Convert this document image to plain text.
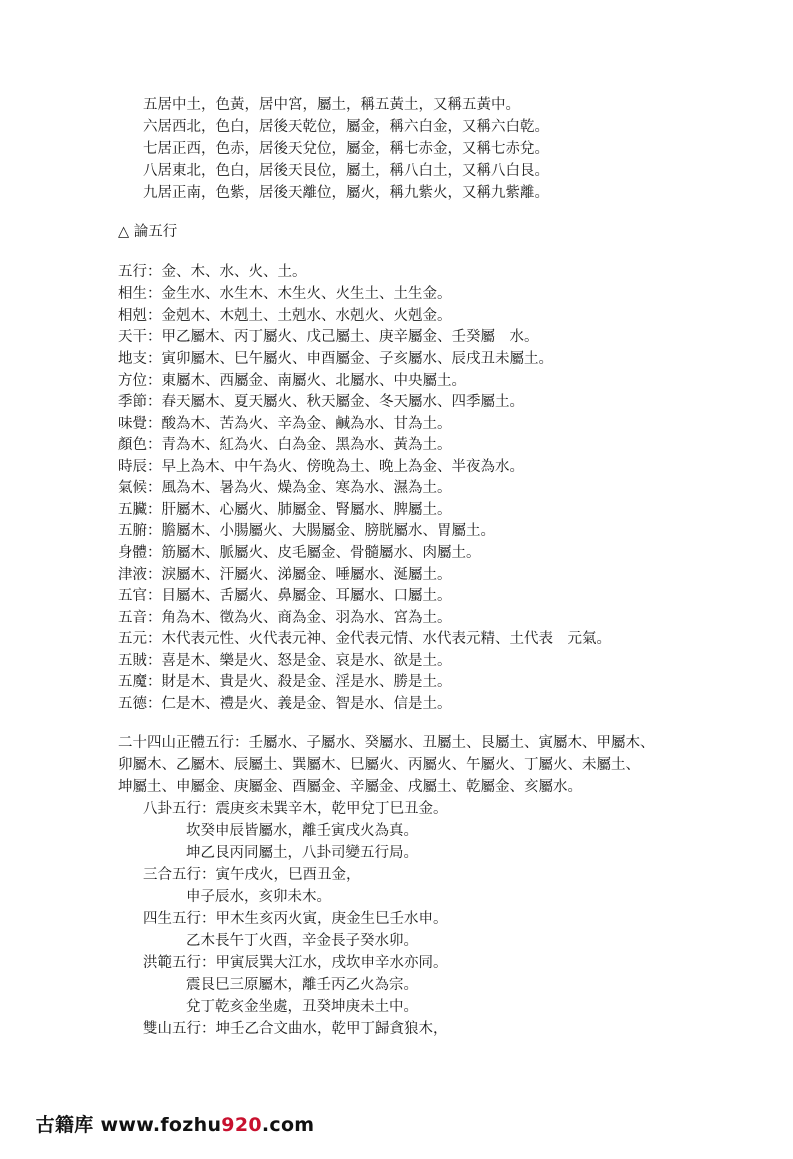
五居中土，色黃，居中宮，屬土，稱五黃土，又稱五黃中。

六居西北，色白，居後天乾位，屬金，稱六白金，又稱六白乾。

七居正西，色赤，居後天兌位，屬金，稱七赤金，又稱七赤兌。

八居東北，色白，居後天艮位，屬土，稱八白土，又稱八白艮。

九居正南，色紫，居後天離位，屬火，稱九紫火，又稱九紫離。

△ 論五行

五行：金、木、水、火、土。

相生：金生水、水生木、木生火、火生土、土生金。

相剋：金剋木、木剋土、土剋水、水剋火、火剋金。

天干：甲乙屬木、丙丁屬火、戊己屬土、庚辛屬金、壬癸屬　水。

地支：寅卯屬木、巳午屬火、申酉屬金、子亥屬水、辰戌丑未屬土。

方位：東屬木、西屬金、南屬火、北屬水、中央屬土。

季節：春天屬木、夏天屬火、秋天屬金、冬天屬水、四季屬土。

味覺：酸為木、苦為火、辛為金、鹹為水、甘為土。

顏色：青為木、紅為火、白為金、黑為水、黃為土。

時辰：早上為木、中午為火、傍晚為土、晚上為金、半夜為水。

氣候：風為木、暑為火、燥為金、寒為水、濕為土。

五臟：肝屬木、心屬火、肺屬金、腎屬水、脾屬土。

五腑：膽屬木、小腸屬火、大腸屬金、膀胱屬水、胃屬土。

身體：筋屬木、脈屬火、皮毛屬金、骨髓屬水、肉屬土。

津液：淚屬木、汗屬火、涕屬金、唾屬水、涎屬土。

五官：目屬木、舌屬火、鼻屬金、耳屬水、口屬土。

五音：角為木、徵為火、商為金、羽為水、宮為土。

五元：木代表元性、火代表元神、金代表元情、水代表元精、土代表　元氣。

五賊：喜是木、樂是火、怒是金、哀是水、欲是土。

五魔：財是木、貴是火、殺是金、淫是水、勝是土。

五德：仁是木、禮是火、義是金、智是水、信是土。

二十四山正體五行：壬屬水、子屬水、癸屬水、丑屬土、艮屬土、寅屬木、甲屬木、

卯屬木、乙屬木、辰屬土、巽屬木、巳屬火、丙屬火、午屬火、丁屬火、未屬土、

坤屬土、申屬金、庚屬金、酉屬金、辛屬金、戌屬土、乾屬金、亥屬水。

八卦五行：震庚亥未巽辛木，乾甲兌丁巳丑金。

坎癸申辰皆屬水，離壬寅戌火為真。

坤乙艮丙同屬土，八卦司變五行局。

三合五行：寅午戌火，巳酉丑金，

申子辰水，亥卯未木。

四生五行：甲木生亥丙火寅，庚金生巳壬水申。

乙木長午丁火酉，辛金長子癸水卯。

洪範五行：甲寅辰巽大江水，戌坎申辛水亦同。

震艮巳三原屬木，離壬丙乙火為宗。

兌丁乾亥金坐處，丑癸坤庚未土中。

雙山五行：坤壬乙合文曲水，乾甲丁歸貪狼木，

古籍库 www.fozhu920.com
